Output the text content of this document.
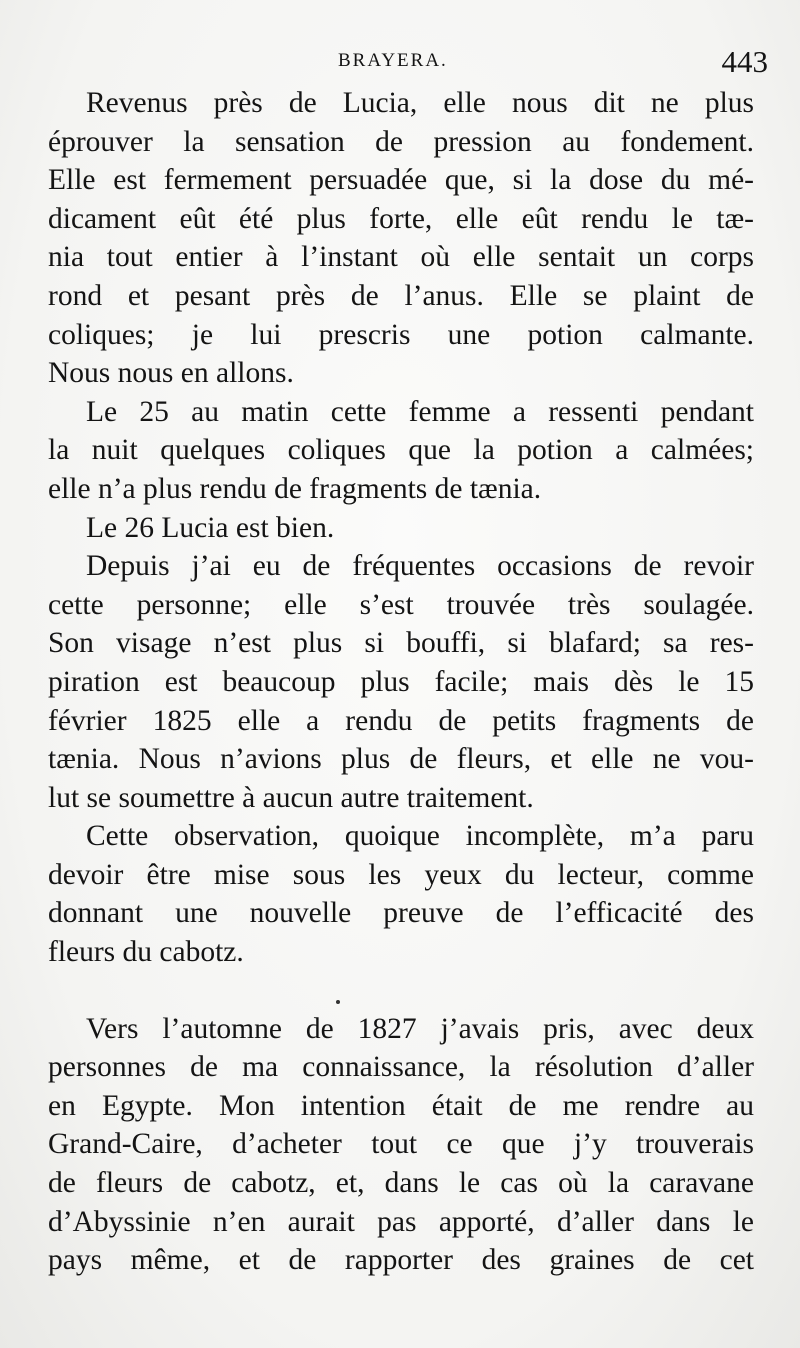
BRAYERA.	443
Revenus près de Lucia, elle nous dit ne plus
éprouver la sensation de pression au fondement.
Elle est fermement persuadée que, si la dose du mé-
dicament eût été plus forte, elle eût rendu le tæ-
nia tout entier à l’instant où elle sentait un corps
rond et pesant près de l’anus. Elle se plaint de
coliques; je lui prescris une potion calmante.
Nous nous en allons.
Le 25 au matin cette femme a ressenti pendant
la nuit quelques coliques que la potion a calmées;
elle n’a plus rendu de fragments de tænia.
Le 26 Lucia est bien.
Depuis j’ai eu de fréquentes occasions de revoir
cette personne; elle s’est trouvée très soulagée.
Son visage n’est plus si bouffi, si blafard; sa res-
piration est beaucoup plus facile; mais dès le 15
février 1825 elle a rendu de petits fragments de
tænia. Nous n’avions plus de fleurs, et elle ne vou-
lut se soumettre à aucun autre traitement.
Cette observation, quoique incomplète, m’a paru
devoir être mise sous les yeux du lecteur, comme
donnant une nouvelle preuve de l’efficacité des
fleurs du cabotz.
Vers l’automne de 1827 j’avais pris, avec deux
personnes de ma connaissance, la résolution d’aller
en Egypte. Mon intention était de me rendre au
Grand-Caire, d’acheter tout ce que j’y trouverais
de fleurs de cabotz, et, dans le cas où la caravane
d’Abyssinie n’en aurait pas apporté, d’aller dans le
pays même, et de rapporter des graines de cet
